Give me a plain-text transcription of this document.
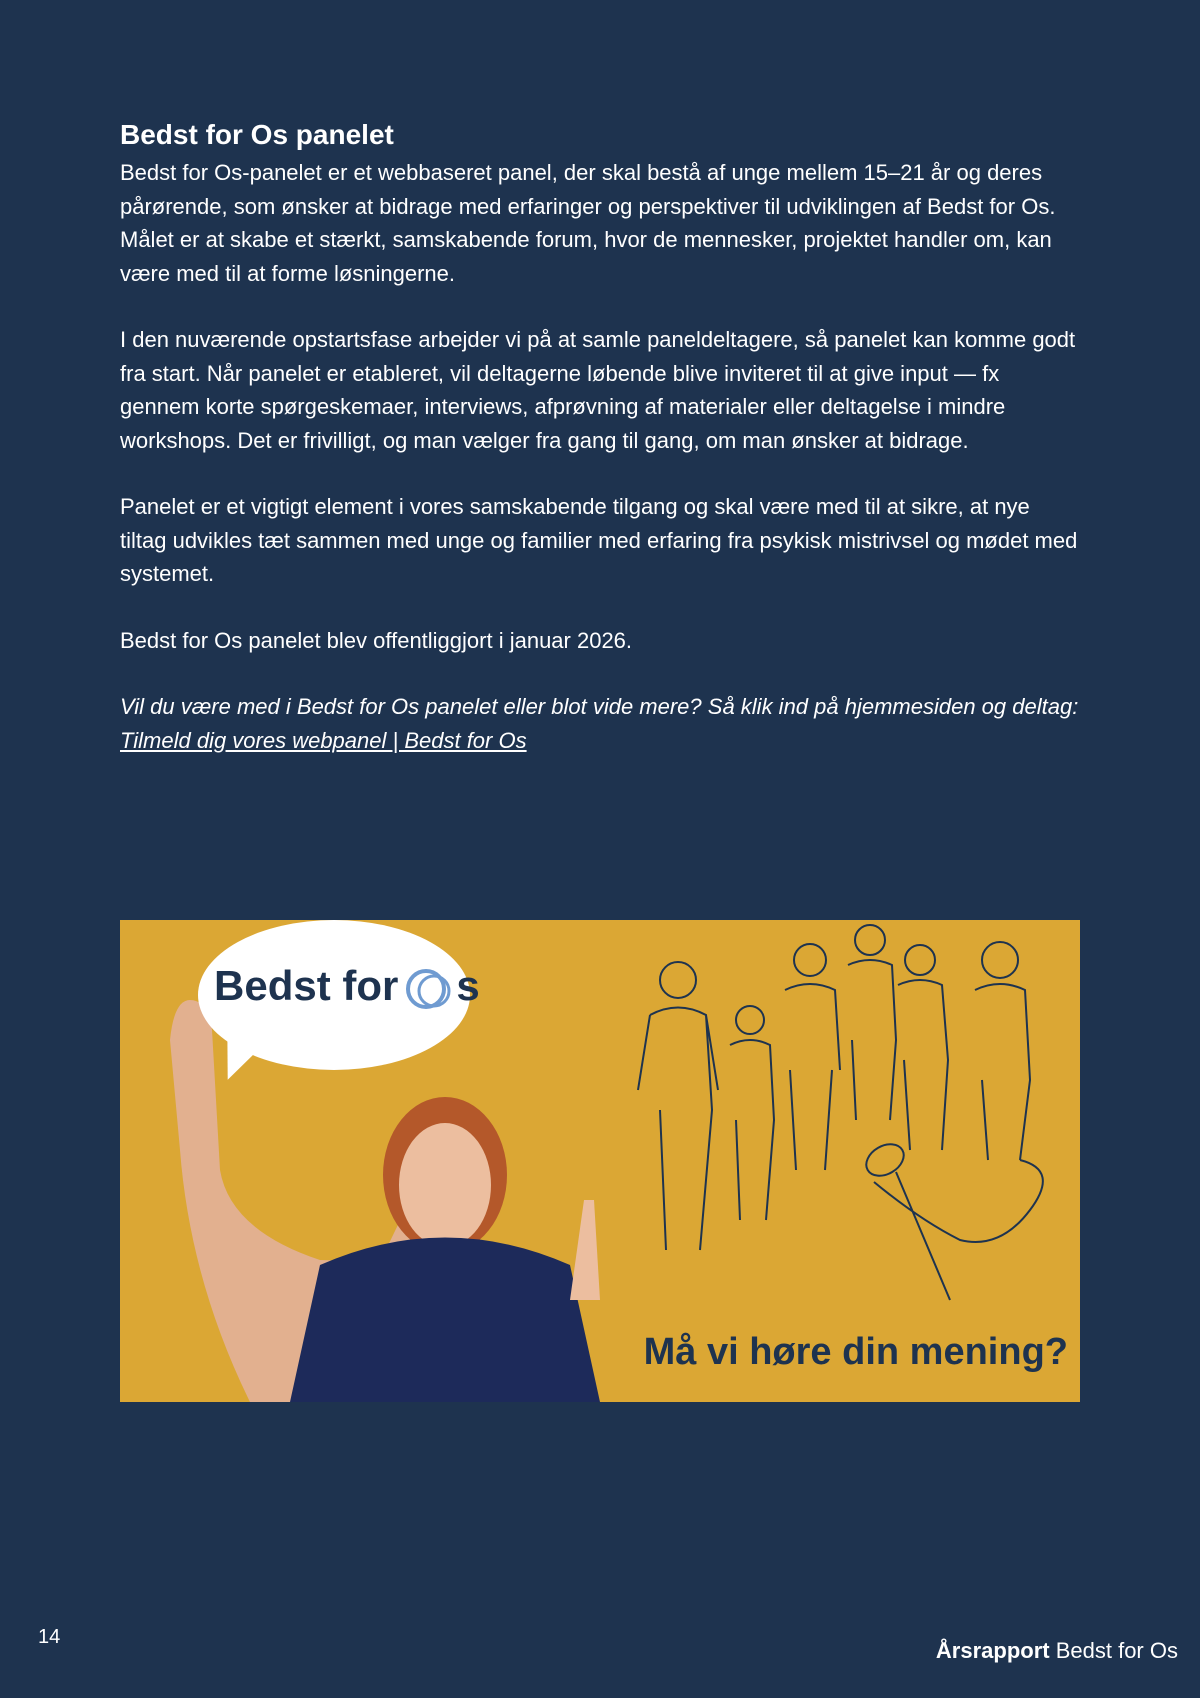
Bedst for Os panelet

Bedst for Os-panelet er et webbaseret panel, der skal bestå af unge mellem 15–21 år og deres pårørende, som ønsker at bidrage med erfaringer og perspektiver til udviklingen af Bedst for Os. Målet er at skabe et stærkt, samskabende forum, hvor de mennesker, projektet handler om, kan være med til at forme løsningerne.

I den nuværende opstartsfase arbejder vi på at samle paneldeltagere, så panelet kan komme godt fra start. Når panelet er etableret, vil deltagerne løbende blive inviteret til at give input — fx gennem korte spørgeskemaer, interviews, afprøvning af materialer eller deltagelse i mindre workshops. Det er frivilligt, og man vælger fra gang til gang, om man ønsker at bidrage.

Panelet er et vigtigt element i vores samskabende tilgang og skal være med til at sikre, at nye tiltag udvikles tæt sammen med unge og familier med erfaring fra psykisk mistrivsel og mødet med systemet.

Bedst for Os panelet blev offentliggjort i januar 2026.

Vil du være med i Bedst for Os panelet eller blot vide mere? Så klik ind på hjemmesiden og deltag: Tilmeld dig vores webpanel | Bedst for Os

Bedst for s
Må vi høre din mening?
14
Årsrapport Bedst for Os
